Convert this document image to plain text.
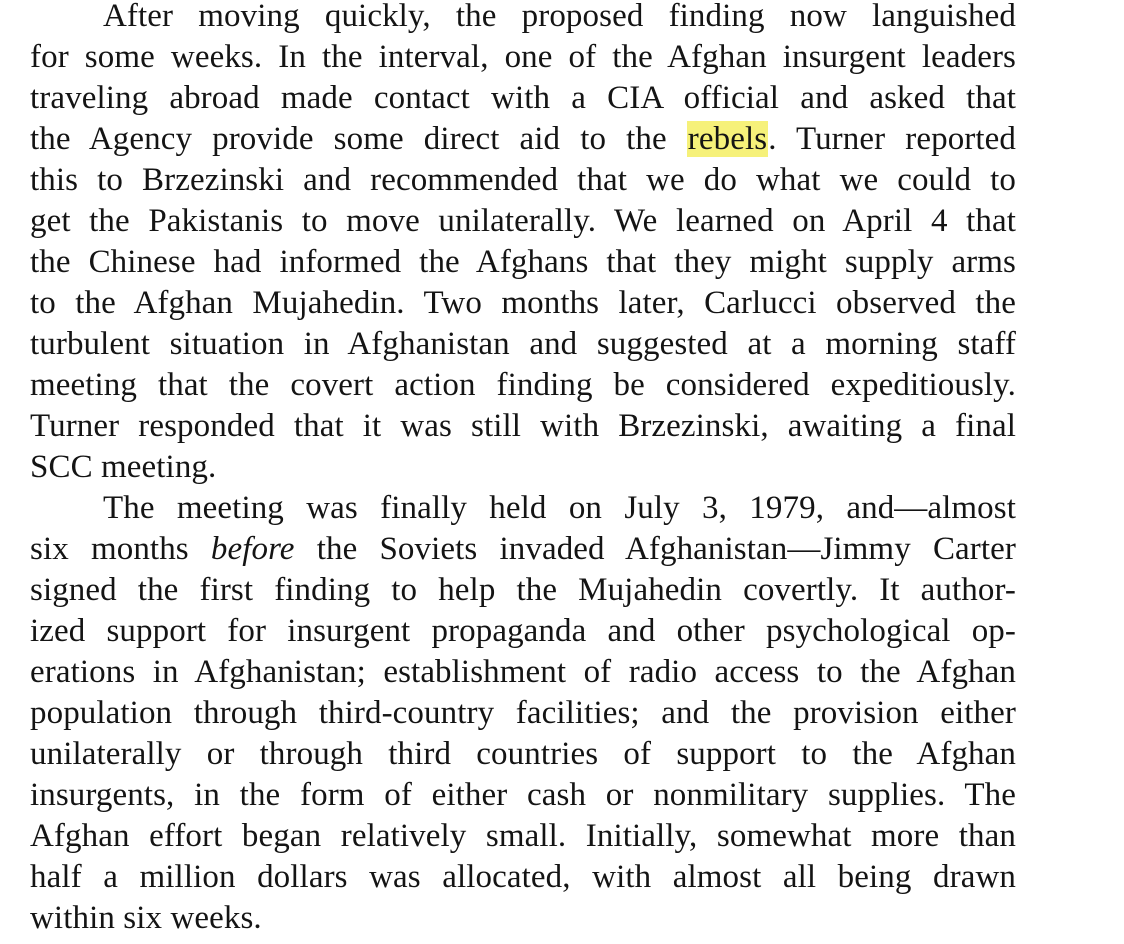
After moving quickly, the proposed finding now languished
for some weeks. In the interval, one of the Afghan insurgent leaders
traveling abroad made contact with a CIA official and asked that
the Agency provide some direct aid to the rebels. Turner reported
this to Brzezinski and recommended that we do what we could to
get the Pakistanis to move unilaterally. We learned on April 4 that
the Chinese had informed the Afghans that they might supply arms
to the Afghan Mujahedin. Two months later, Carlucci observed the
turbulent situation in Afghanistan and suggested at a morning staff
meeting that the covert action finding be considered expeditiously.
Turner responded that it was still with Brzezinski, awaiting a final
SCC meeting.
The meeting was finally held on July 3, 1979, and—almost
six months before the Soviets invaded Afghanistan—Jimmy Carter
signed the first finding to help the Mujahedin covertly. It author-
ized support for insurgent propaganda and other psychological op-
erations in Afghanistan; establishment of radio access to the Afghan
population through third-country facilities; and the provision either
unilaterally or through third countries of support to the Afghan
insurgents, in the form of either cash or nonmilitary supplies. The
Afghan effort began relatively small. Initially, somewhat more than
half a million dollars was allocated, with almost all being drawn
within six weeks.
